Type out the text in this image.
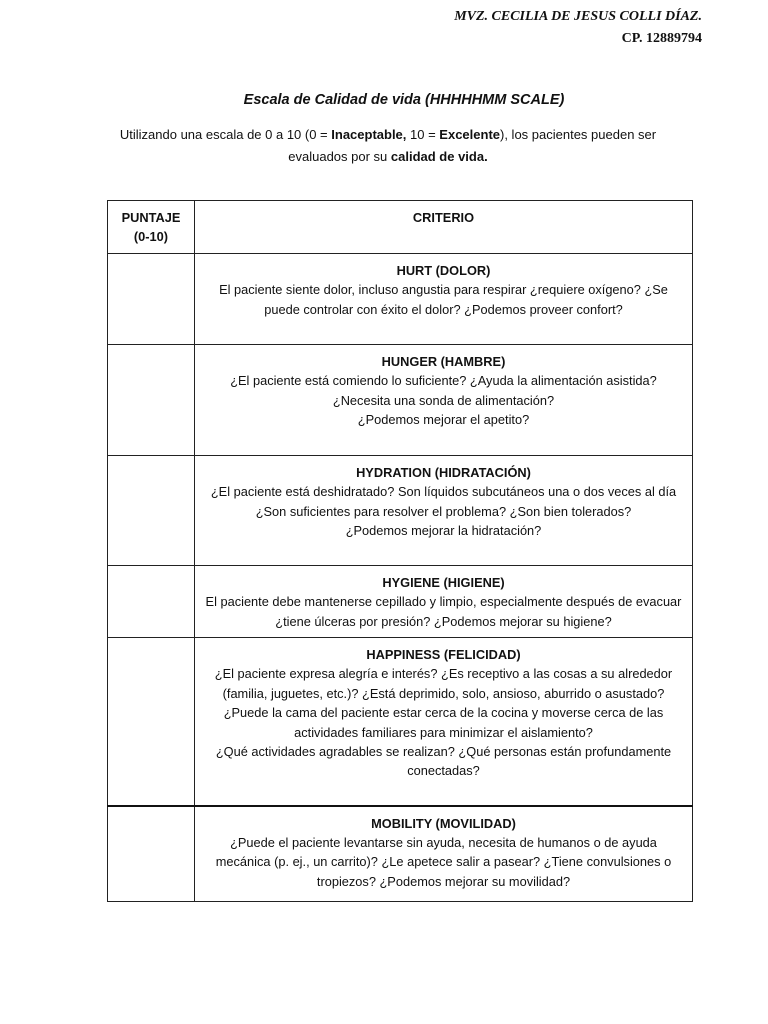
MVZ. CECILIA DE JESUS COLLI DÍAZ.
CP. 12889794
Escala de Calidad de vida (HHHHHMM SCALE)
Utilizando una escala de 0 a 10 (0 = Inaceptable, 10 = Excelente), los pacientes pueden ser evaluados por su calidad de vida.
PUNTAJE
(0-10)	CRITERIO

	HURT (DOLOR)
El paciente siente dolor, incluso angustia para respirar ¿requiere oxígeno? ¿Se puede controlar con éxito el dolor? ¿Podemos proveer confort?

	HUNGER (HAMBRE)
¿El paciente está comiendo lo suficiente? ¿Ayuda la alimentación asistida?
¿Necesita una sonda de alimentación?
¿Podemos mejorar el apetito?

	HYDRATION (HIDRATACIÓN)
¿El paciente está deshidratado? Son líquidos subcutáneos una o dos veces al día
¿Son suficientes para resolver el problema? ¿Son bien tolerados?
¿Podemos mejorar la hidratación?

	HYGIENE (HIGIENE)
El paciente debe mantenerse cepillado y limpio, especialmente después de evacuar ¿tiene úlceras por presión? ¿Podemos mejorar su higiene?

	HAPPINESS (FELICIDAD)
¿El paciente expresa alegría e interés? ¿Es receptivo a las cosas a su alrededor (familia, juguetes, etc.)? ¿Está deprimido, solo, ansioso, aburrido o asustado? ¿Puede la cama del paciente estar cerca de la cocina y moverse cerca de las actividades familiares para minimizar el aislamiento?
¿Qué actividades agradables se realizan? ¿Qué personas están profundamente conectadas?

	MOBILITY (MOVILIDAD)
¿Puede el paciente levantarse sin ayuda, necesita de humanos o de ayuda mecánica (p. ej., un carrito)? ¿Le apetece salir a pasear? ¿Tiene convulsiones o tropiezos? ¿Podemos mejorar su movilidad?
